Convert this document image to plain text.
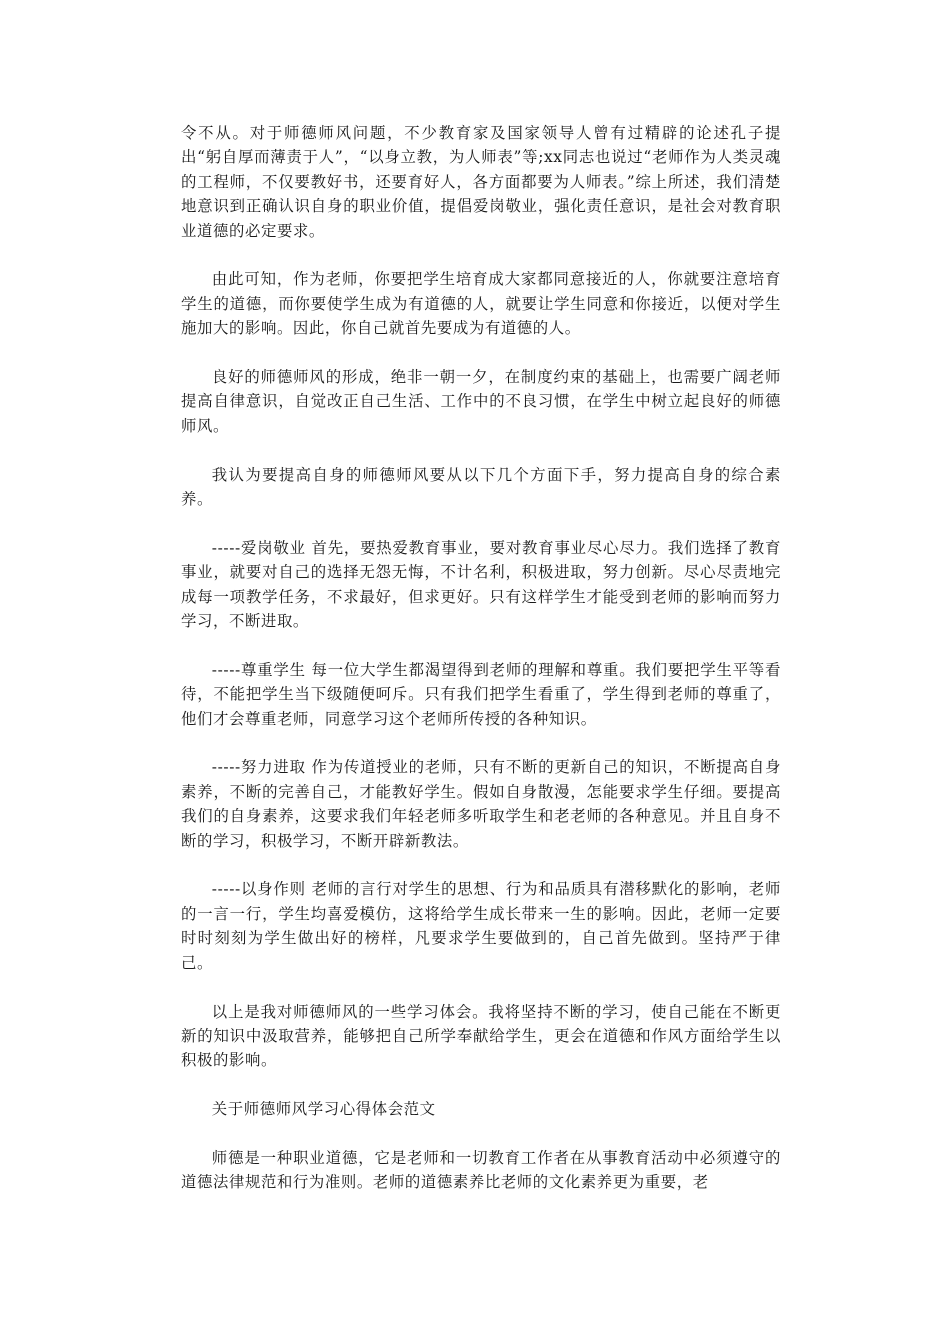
令不从。对于师德师风问题，不少教育家及国家领导人曾有过精辟的论述孔子提出“躬自厚而薄责于人”，“以身立教，为人师表”等;xx同志也说过“老师作为人类灵魂的工程师，不仅要教好书，还要育好人，各方面都要为人师表。”综上所述，我们清楚地意识到正确认识自身的职业价值，提倡爱岗敬业，强化责任意识，是社会对教育职业道德的必定要求。

由此可知，作为老师，你要把学生培育成大家都同意接近的人，你就要注意培育学生的道德，而你要使学生成为有道德的人，就要让学生同意和你接近，以便对学生施加大的影响。因此，你自己就首先要成为有道德的人。

良好的师德师风的形成，绝非一朝一夕，在制度约束的基础上，也需要广阔老师提高自律意识，自觉改正自己生活、工作中的不良习惯，在学生中树立起良好的师德师风。

我认为要提高自身的师德师风要从以下几个方面下手，努力提高自身的综合素养。

-----爱岗敬业 首先，要热爱教育事业，要对教育事业尽心尽力。我们选择了教育事业，就要对自己的选择无怨无悔，不计名利，积极进取，努力创新。尽心尽责地完成每一项教学任务，不求最好，但求更好。只有这样学生才能受到老师的影响而努力学习，不断进取。

-----尊重学生 每一位大学生都渴望得到老师的理解和尊重。我们要把学生平等看待，不能把学生当下级随便呵斥。只有我们把学生看重了，学生得到老师的尊重了，他们才会尊重老师，同意学习这个老师所传授的各种知识。

-----努力进取 作为传道授业的老师，只有不断的更新自己的知识，不断提高自身素养，不断的完善自己，才能教好学生。假如自身散漫，怎能要求学生仔细。要提高我们的自身素养，这要求我们年轻老师多听取学生和老老师的各种意见。并且自身不断的学习，积极学习，不断开辟新教法。

-----以身作则 老师的言行对学生的思想、行为和品质具有潜移默化的影响，老师的一言一行，学生均喜爱模仿，这将给学生成长带来一生的影响。因此，老师一定要时时刻刻为学生做出好的榜样，凡要求学生要做到的，自己首先做到。坚持严于律己。

以上是我对师德师风的一些学习体会。我将坚持不断的学习，使自己能在不断更新的知识中汲取营养，能够把自己所学奉献给学生，更会在道德和作风方面给学生以积极的影响。

关于师德师风学习心得体会范文

师德是一种职业道德，它是老师和一切教育工作者在从事教育活动中必须遵守的道德法律规范和行为准则。老师的道德素养比老师的文化素养更为重要，老
